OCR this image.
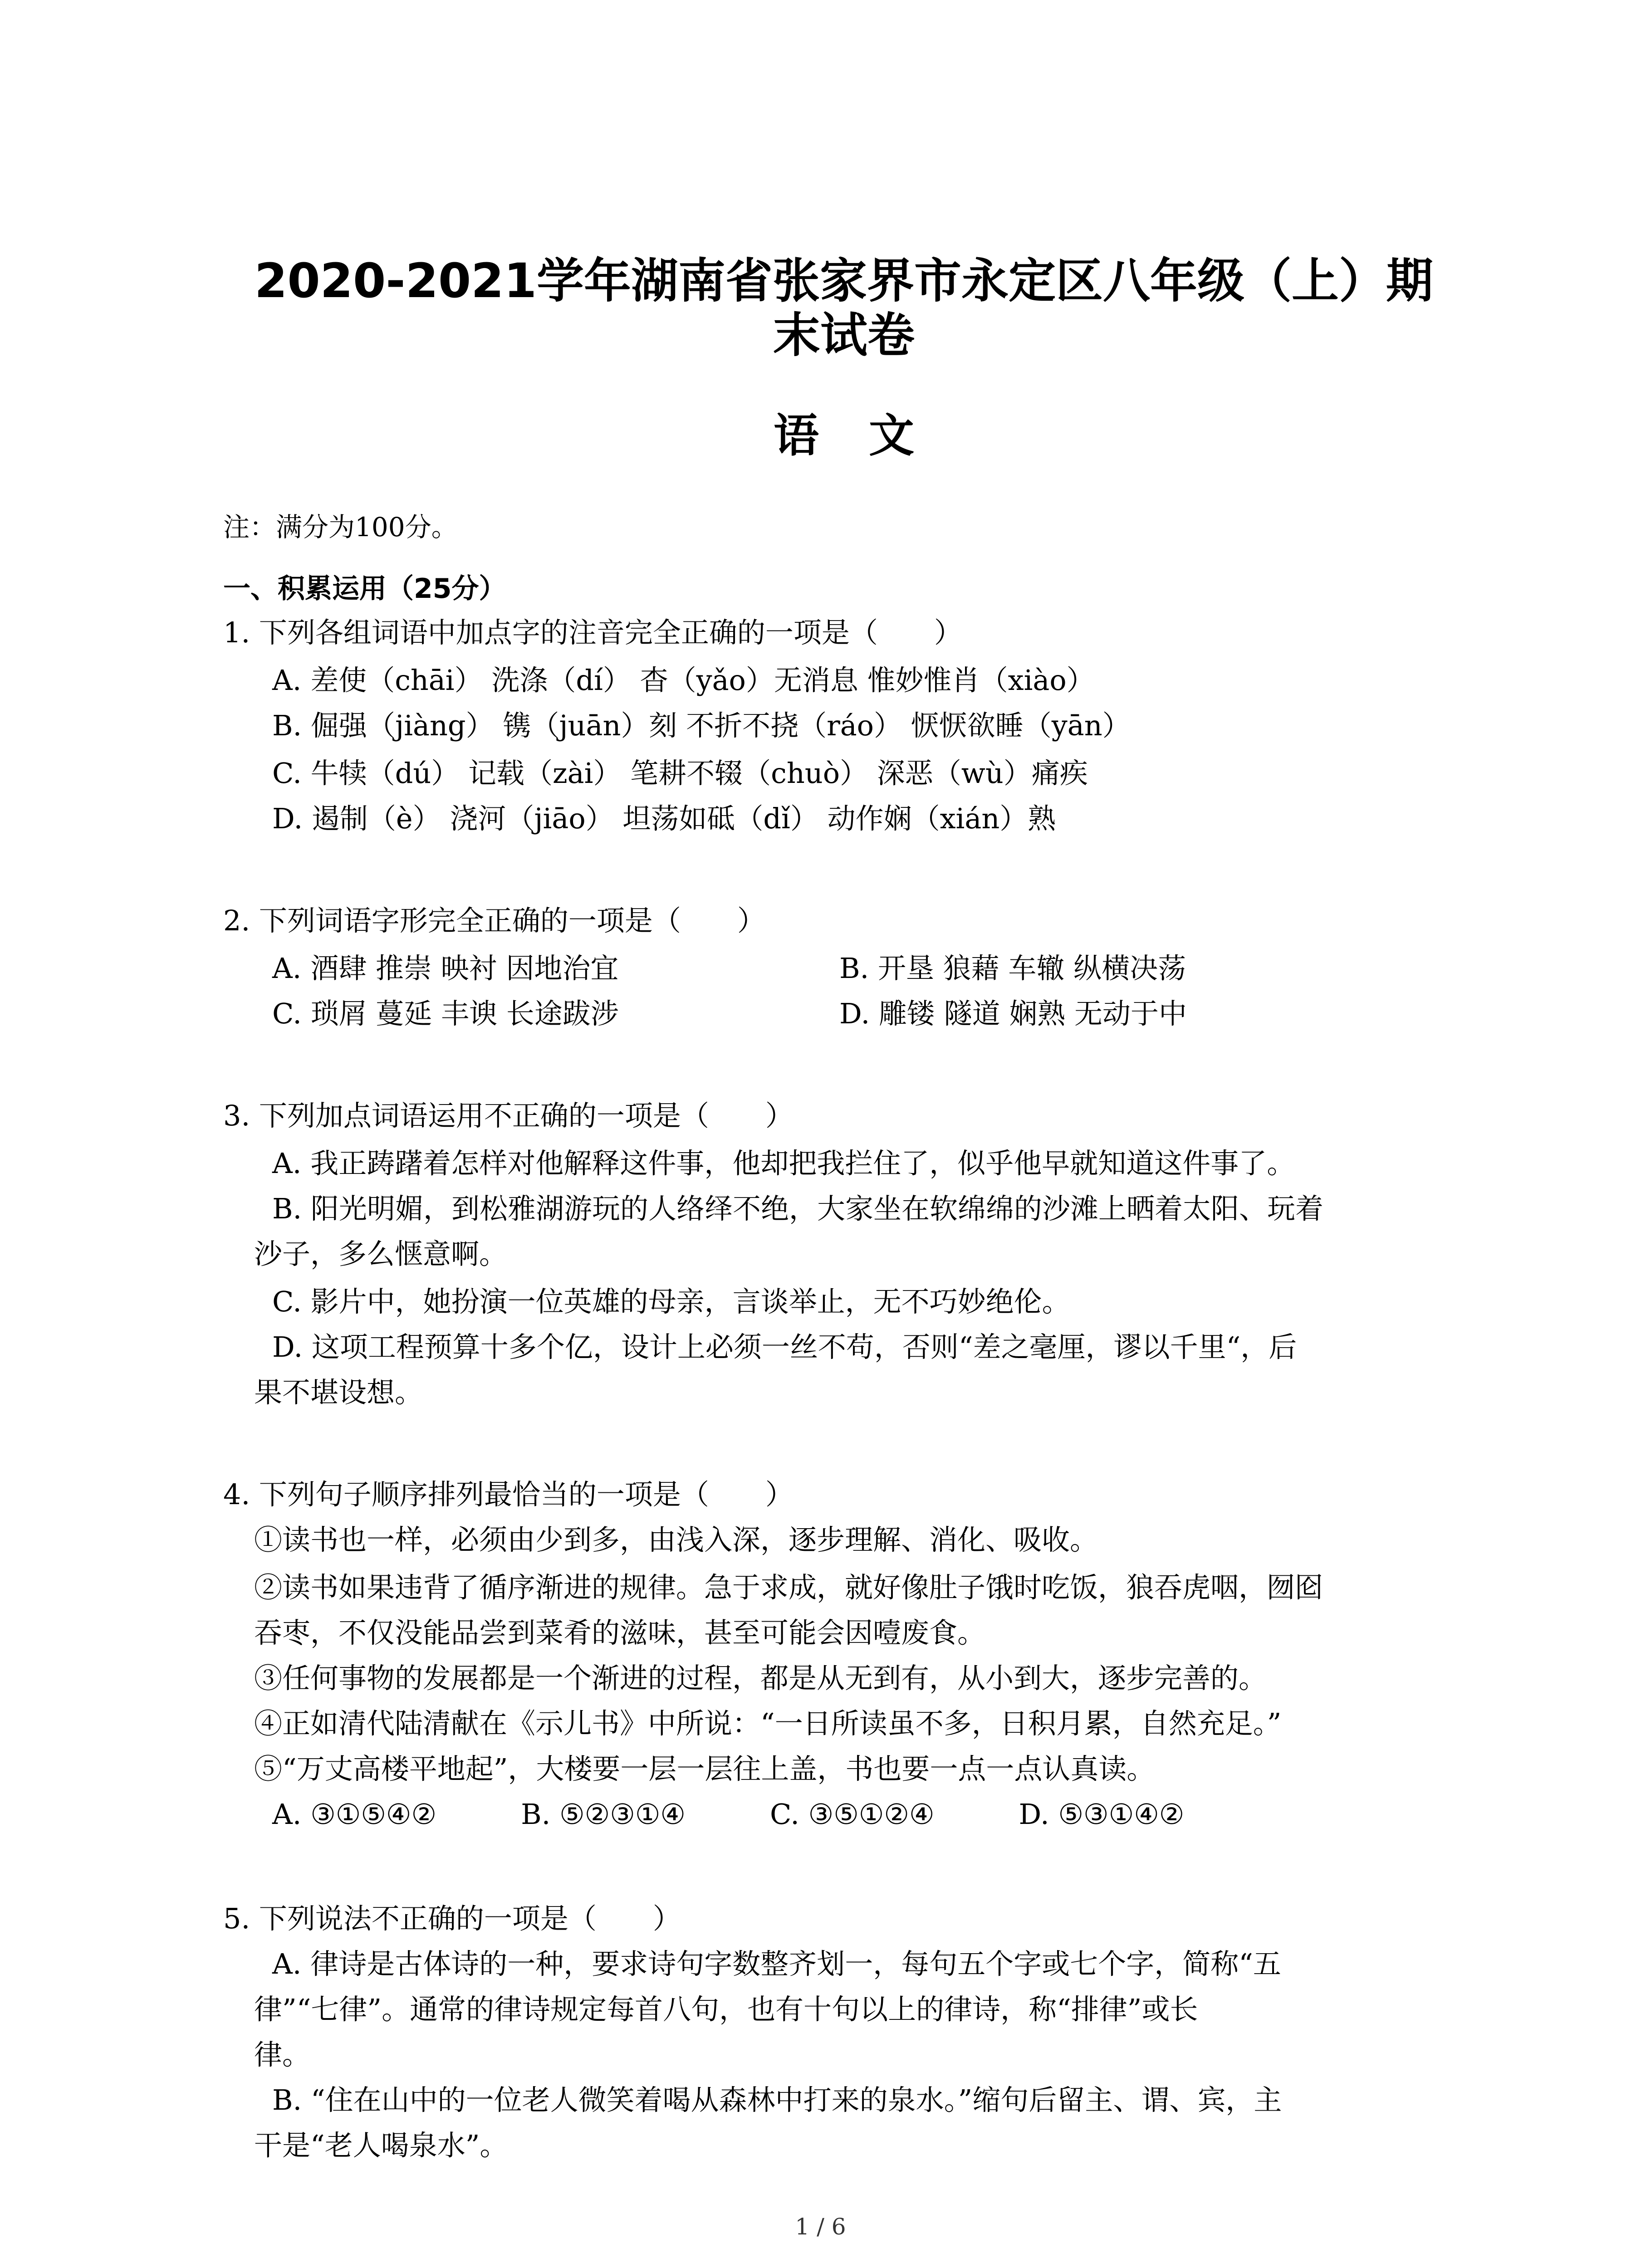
2020-2021学年湖南省张家界市永定区八年级（上）期
末试卷
语文
注：满分为100分。
一、积累运用（25分）
1. 下列各组词语中加点字的注音完全正确的一项是（　　）
A. 差使（chāi） 洗涤（dí） 杳（yǎo）无消息 惟妙惟肖（xiào）
B. 倔强（jiàng） 镌（juān）刻 不折不挠（ráo） 恹恹欲睡（yān）
C. 牛犊（dú） 记载（zài） 笔耕不辍（chuò） 深恶（wù）痛疾
D. 遏制（è） 浇河（jiāo） 坦荡如砥（dǐ） 动作娴（xián）熟
2. 下列词语字形完全正确的一项是（　　）
A. 酒肆 推崇 映衬 因地治宜	B. 开垦 狼藉 车辙 纵横决荡
C. 琐屑 蔓延 丰谀 长途跋涉	D. 雕镂 隧道 娴熟 无动于中
3. 下列加点词语运用不正确的一项是（　　）
A. 我正踌躇着怎样对他解释这件事，他却把我拦住了，似乎他早就知道这件事了。
B. 阳光明媚，到松雅湖游玩的人络绎不绝，大家坐在软绵绵的沙滩上晒着太阳、玩着
沙子，多么惬意啊。
C. 影片中，她扮演一位英雄的母亲，言谈举止，无不巧妙绝伦。
D. 这项工程预算十多个亿，设计上必须一丝不苟，否则“差之毫厘，谬以千里“，后
果不堪设想。
4. 下列句子顺序排列最恰当的一项是（　　）
①读书也一样，必须由少到多，由浅入深，逐步理解、消化、吸收。
②读书如果违背了循序渐进的规律。急于求成，就好像肚子饿时吃饭，狼吞虎咽，囫囵
吞枣，不仅没能品尝到菜肴的滋味，甚至可能会因噎废食。
③任何事物的发展都是一个渐进的过程，都是从无到有，从小到大，逐步完善的。
④正如清代陆清献在《示儿书》中所说：“一日所读虽不多，日积月累，自然充足。”
⑤“万丈高楼平地起”，大楼要一层一层往上盖，书也要一点一点认真读。
A. ③①⑤④②　　　B. ⑤②③①④　　　C. ③⑤①②④　　　D. ⑤③①④②
5. 下列说法不正确的一项是（　　）
A. 律诗是古体诗的一种，要求诗句字数整齐划一，每句五个字或七个字，简称“五
律”“七律”。通常的律诗规定每首八句，也有十句以上的律诗，称“排律”或长
律。
B. “住在山中的一位老人微笑着喝从森林中打来的泉水。”缩句后留主、谓、宾，主
干是“老人喝泉水”。
1 / 6
